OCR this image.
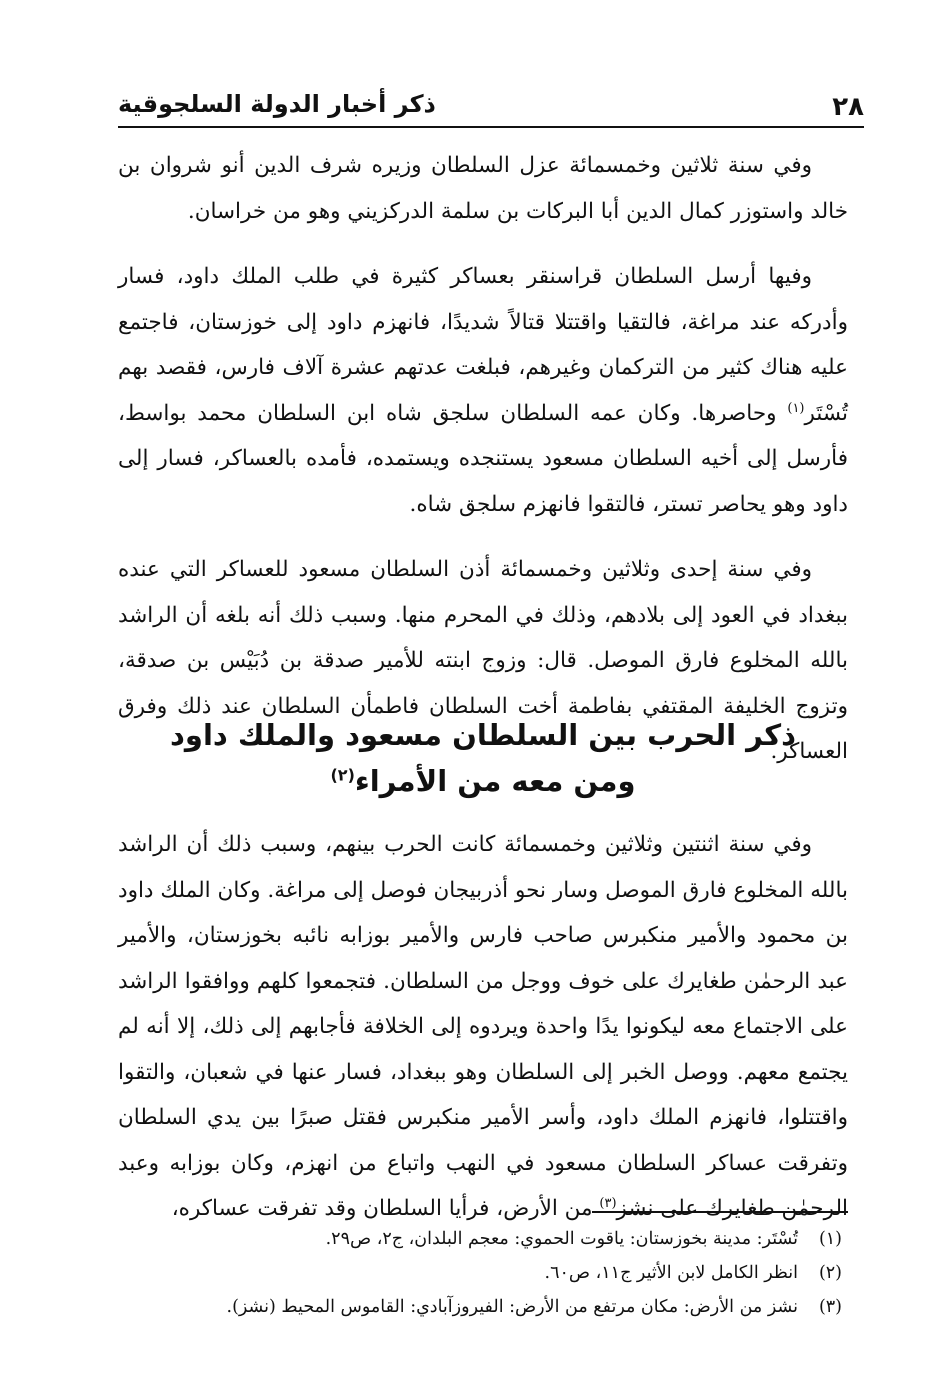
٢٨
ذكر أخبار الدولة السلجوقية

وفي سنة ثلاثين وخمسمائة عزل السلطان وزيره شرف الدين أنو شروان بن خالد واستوزر كمال الدين أبا البركات بن سلمة الدركزيني وهو من خراسان.

وفيها أرسل السلطان قراسنقر بعساكر كثيرة في طلب الملك داود، فسار وأدركه عند مراغة، فالتقيا واقتتلا قتالاً شديدًا، فانهزم داود إلى خوزستان، فاجتمع عليه هناك كثير من التركمان وغيرهم، فبلغت عدتهم عشرة آلاف فارس، فقصد بهم تُسْتَر$^{(١)}$ وحاصرها. وكان عمه السلطان سلجق شاه ابن السلطان محمد بواسط، فأرسل إلى أخيه السلطان مسعود يستنجده ويستمده، فأمده بالعساكر، فسار إلى داود وهو يحاصر تستر، فالتقوا فانهزم سلجق شاه.

وفي سنة إحدى وثلاثين وخمسمائة أذن السلطان مسعود للعساكر التي عنده ببغداد في العود إلى بلادهم، وذلك في المحرم منها. وسبب ذلك أنه بلغه أن الراشد بالله المخلوع فارق الموصل. قال: وزوج ابنته للأمير صدقة بن دُبَيْس بن صدقة، وتزوج الخليفة المقتفي بفاطمة أخت السلطان فاطمأن السلطان عند ذلك وفرق العساكر.

ذكر الحرب بين السلطان مسعود والملك داود
ومن معه من الأمراء$^{(٢)}$

وفي سنة اثنتين وثلاثين وخمسمائة كانت الحرب بينهم، وسبب ذلك أن الراشد بالله المخلوع فارق الموصل وسار نحو أذربيجان فوصل إلى مراغة. وكان الملك داود بن محمود والأمير منكبرس صاحب فارس والأمير بوزابه نائبه بخوزستان، والأمير عبد الرحمٰن طغايرك على خوف ووجل من السلطان. فتجمعوا كلهم ووافقوا الراشد على الاجتماع معه ليكونوا يدًا واحدة ويردوه إلى الخلافة فأجابهم إلى ذلك، إلا أنه لم يجتمع معهم. ووصل الخبر إلى السلطان وهو ببغداد، فسار عنها في شعبان، والتقوا واقتتلوا، فانهزم الملك داود، وأسر الأمير منكبرس فقتل صبرًا بين يدي السلطان وتفرقت عساكر السلطان مسعود في النهب واتباع من انهزم، وكان بوزابه وعبد الرحمٰن طغايرك على نشز$^{(٣)}$ من الأرض، فرأيا السلطان وقد تفرقت عساكره،

(١)تُسْتَر: مدينة بخوزستان: ياقوت الحموي: معجم البلدان، ج٢، ص٢٩.
(٢)انظر الكامل لابن الأثير ج١١، ص٦٠.
(٣)نشز من الأرض: مكان مرتفع من الأرض: الفيروزآبادي: القاموس المحيط (نشز).
